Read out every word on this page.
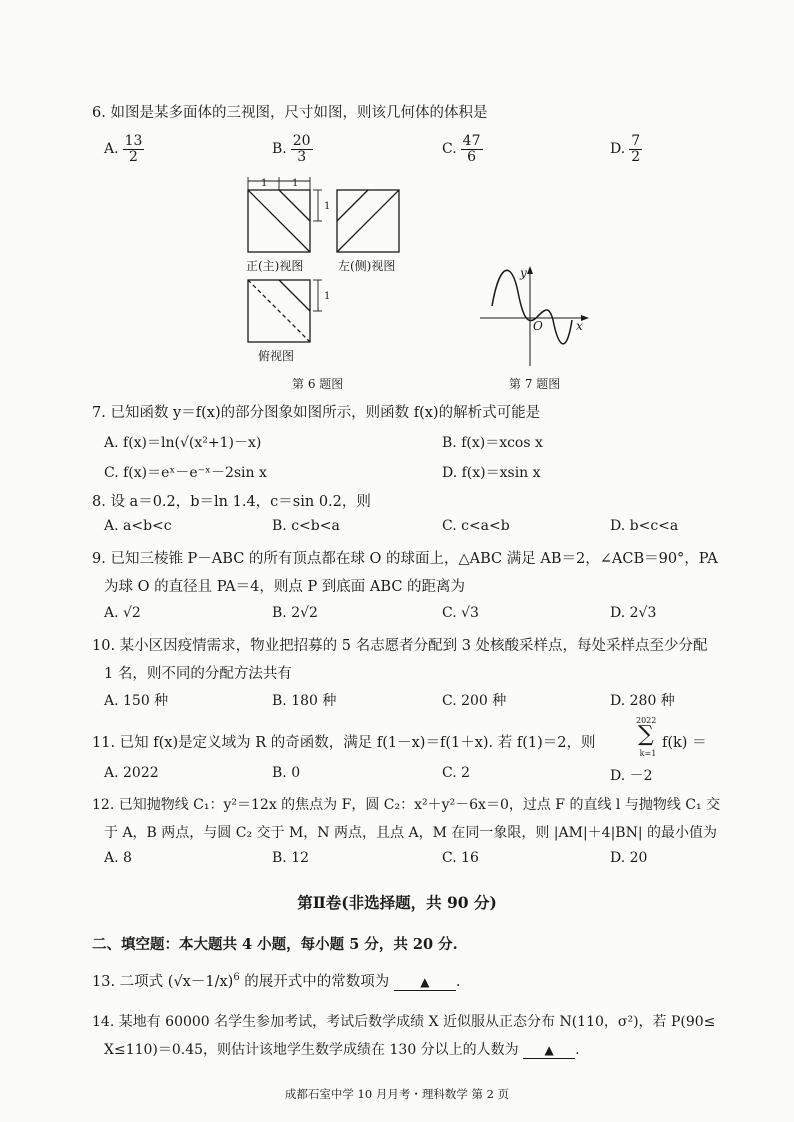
6. 如图是某多面体的三视图，尺寸如图，则该几何体的体积是
A. $\frac{13}{2}$	B. $\frac{20}{3}$	C. $\frac{47}{6}$	D. $\frac{7}{2}$
1 1
1
1
正(主)视图	左(侧)视图
俯视图
第 6 题图
y
x
O
第 7 题图
7. 已知函数 y＝f(x)的部分图象如图所示，则函数 f(x)的解析式可能是
A. f(x)＝ln(√(x²+1)－x)	B. f(x)＝xcos x
C. f(x)＝eˣ－e⁻ˣ－2sin x	D. f(x)＝xsin x
8. 设 a＝0.2，b＝ln 1.4，c＝sin 0.2，则
A. a<b<c	B. c<b<a	C. c<a<b	D. b<c<a
9. 已知三棱锥 P－ABC 的所有顶点都在球 O 的球面上，△ABC 满足 AB＝2，∠ACB＝90°，PA
为球 O 的直径且 PA＝4，则点 P 到底面 ABC 的距离为
A. √2	B. 2√2	C. √3	D. 2√3
10. 某小区因疫情需求，物业把招募的 5 名志愿者分配到 3 处核酸采样点，每处采样点至少分配
1 名，则不同的分配方法共有
A. 150 种	B. 180 种	C. 200 种	D. 280 种
11. 已知 f(x)是定义域为 R 的奇函数，满足 f(1－x)＝f(1＋x). 若 f(1)＝2，则
2022
∑
k=1
f(k) ＝
A. 2022	B. 0	C. 2	D. －2
12. 已知抛物线 C₁：y²＝12x 的焦点为 F，圆 C₂：x²＋y²－6x＝0，过点 F 的直线 l 与抛物线 C₁ 交
于 A，B 两点，与圆 C₂ 交于 M，N 两点，且点 A，M 在同一象限，则 |AM|＋4|BN| 的最小值为
A. 8	B. 12	C. 16	D. 20
第Ⅱ卷(非选择题，共 90 分)
二、填空题：本大题共 4 小题，每小题 5 分，共 20 分.
13. 二项式 $(√x-1/x)^6$ 的展开式中的常数项为	▲ .
14. 某地有 60000 名学生参加考试，考试后数学成绩 X 近似服从正态分布 N(110，σ²)，若 P(90≤
X≤110)＝0.45，则估计该地学生数学成绩在 130 分以上的人数为 ▲ .
成都石室中学 10 月月考・理科数学 第 2 页
